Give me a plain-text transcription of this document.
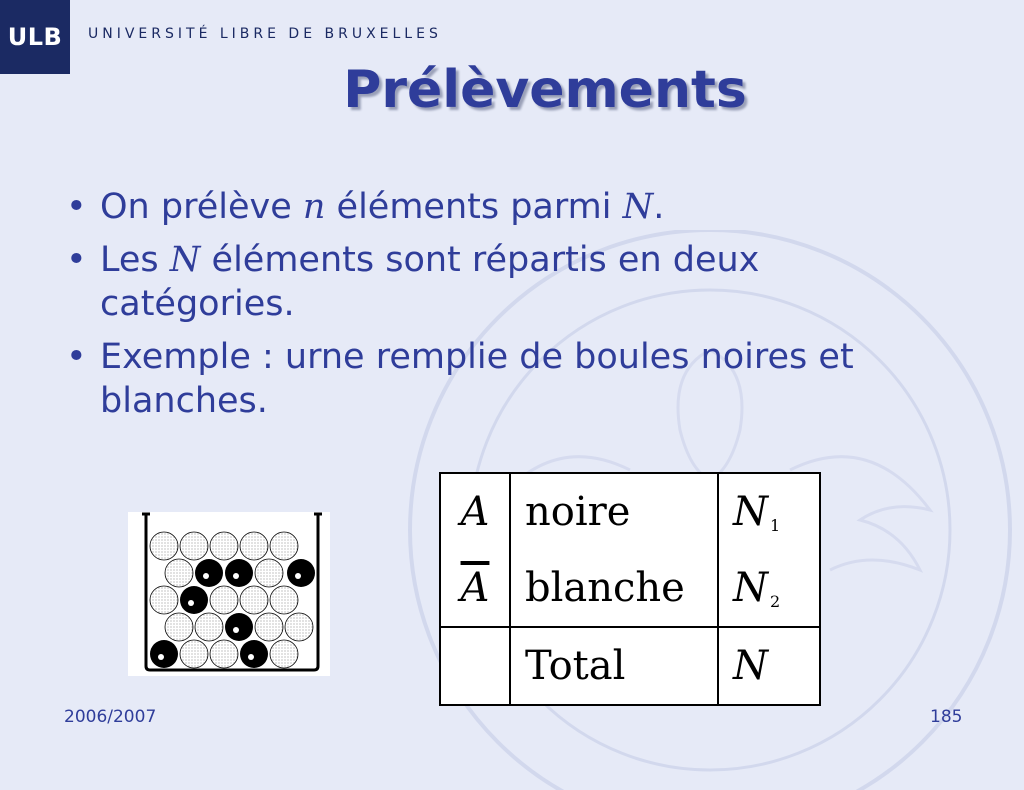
ULB	UNIVERSITÉ LIBRE DE BRUXELLES
Prélèvements
• On prélève n éléments parmi N.
• Les N éléments sont répartis en deux catégories.
• Exemple : urne remplie de boules noires et blanches.
A	noire	N $_1$
$\overline{A}$	blanche	N $_2$
	Total	N
2006/2007	185
